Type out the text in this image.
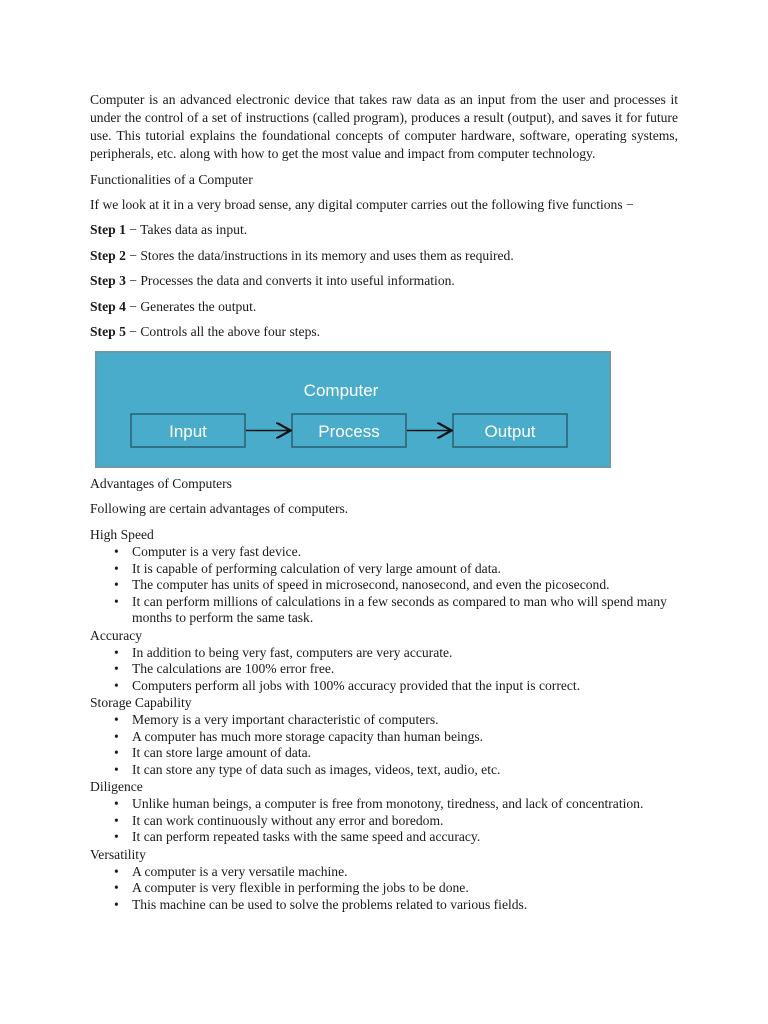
Computer is an advanced electronic device that takes raw data as an input from the user and processes it under the control of a set of instructions (called program), produces a result (output), and saves it for future use. This tutorial explains the foundational concepts of computer hardware, software, operating systems, peripherals, etc. along with how to get the most value and impact from computer technology.

Functionalities of a Computer

If we look at it in a very broad sense, any digital computer carries out the following five functions −

Step 1 − Takes data as input.

Step 2 − Stores the data/instructions in its memory and uses them as required.

Step 3 − Processes the data and converts it into useful information.

Step 4 − Generates the output.

Step 5 − Controls all the above four steps.

Computer
Input	Process	Output

Advantages of Computers

Following are certain advantages of computers.

High Speed

• Computer is a very fast device.
• It is capable of performing calculation of very large amount of data.
• The computer has units of speed in microsecond, nanosecond, and even the picosecond.
• It can perform millions of calculations in a few seconds as compared to man who will spend many months to perform the same task.

Accuracy

• In addition to being very fast, computers are very accurate.
• The calculations are 100% error free.
• Computers perform all jobs with 100% accuracy provided that the input is correct.

Storage Capability

• Memory is a very important characteristic of computers.
• A computer has much more storage capacity than human beings.
• It can store large amount of data.
• It can store any type of data such as images, videos, text, audio, etc.

Diligence

• Unlike human beings, a computer is free from monotony, tiredness, and lack of concentration.
• It can work continuously without any error and boredom.
• It can perform repeated tasks with the same speed and accuracy.

Versatility

• A computer is a very versatile machine.
• A computer is very flexible in performing the jobs to be done.
• This machine can be used to solve the problems related to various fields.
